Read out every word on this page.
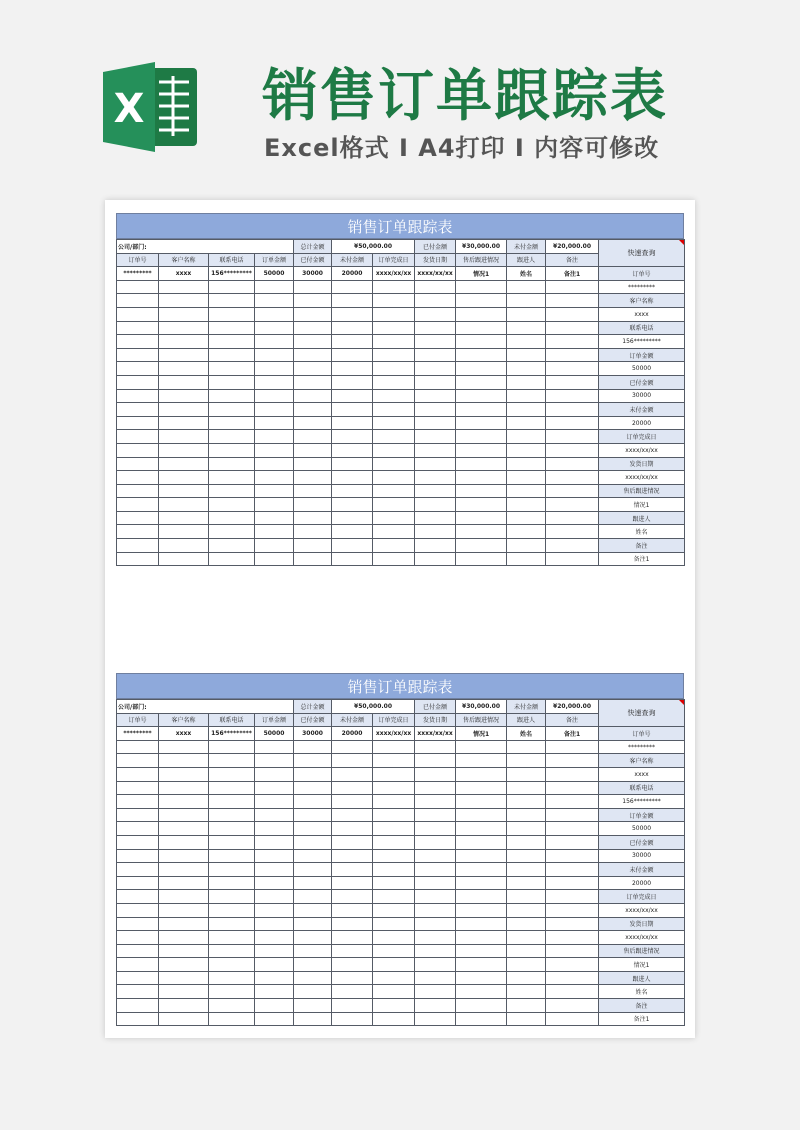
X 销售订单跟踪表
Excel格式 I A4打印 I 内容可修改
销售订单跟踪表
公司/部门:				总计金额	¥50,000.00		已付金额	¥30,000.00	未付金额	¥20,000.00	快速查询
订单号	客户名称	联系电话	订单金额	已付金额	未付金额	订单完成日	发货日期	售后跟进情况	跟进人	备注	
*********	xxxx	156*********	50000	30000	20000	xxxx/xx/xx	xxxx/xx/xx	情况1	姓名	备注1	订单号
											*********
											客户名称
											xxxx
											联系电话
											156*********
											订单金额
											50000
											已付金额
											30000
											未付金额
											20000
											订单完成日
											xxxx/xx/xx
											发货日期
											xxxx/xx/xx
											售后跟进情况
											情况1
											跟进人
											姓名
											备注
											备注1
销售订单跟踪表
公司/部门:				总计金额	¥50,000.00		已付金额	¥30,000.00	未付金额	¥20,000.00	快速查询
订单号	客户名称	联系电话	订单金额	已付金额	未付金额	订单完成日	发货日期	售后跟进情况	跟进人	备注	
*********	xxxx	156*********	50000	30000	20000	xxxx/xx/xx	xxxx/xx/xx	情况1	姓名	备注1	订单号
											*********
											客户名称
											xxxx
											联系电话
											156*********
											订单金额
											50000
											已付金额
											30000
											未付金额
											20000
											订单完成日
											xxxx/xx/xx
											发货日期
											xxxx/xx/xx
											售后跟进情况
											情况1
											跟进人
											姓名
											备注
											备注1
